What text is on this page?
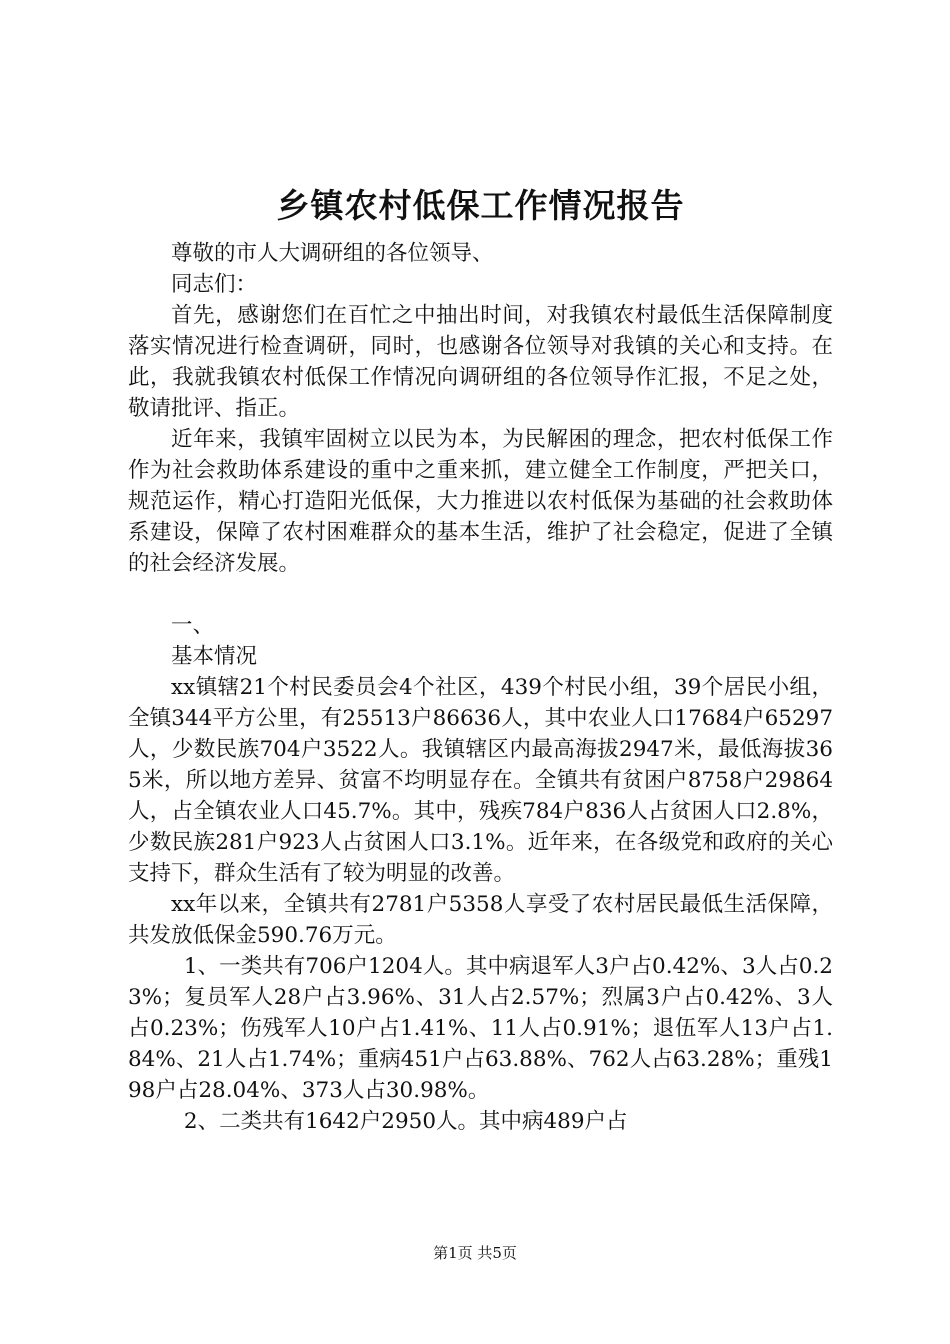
乡镇农村低保工作情况报告

尊敬的市人大调研组的各位领导、

同志们：

首先，感谢您们在百忙之中抽出时间，对我镇农村最低生活保障制度落实情况进行检查调研，同时，也感谢各位领导对我镇的关心和支持。在此，我就我镇农村低保工作情况向调研组的各位领导作汇报，不足之处，敬请批评、指正。

近年来，我镇牢固树立以民为本，为民解困的理念，把农村低保工作作为社会救助体系建设的重中之重来抓，建立健全工作制度，严把关口，规范运作，精心打造阳光低保，大力推进以农村低保为基础的社会救助体系建设，保障了农村困难群众的基本生活，维护了社会稳定，促进了全镇的社会经济发展。

一、

基本情况

xx镇辖21个村民委员会4个社区，439个村民小组，39个居民小组，全镇344平方公里，有25513户86636人，其中农业人口17684户65297人，少数民族704户3522人。我镇辖区内最高海拔2947米，最低海拔365米，所以地方差异、贫富不均明显存在。全镇共有贫困户8758户29864人，占全镇农业人口45.7%。其中，残疾784户836人占贫困人口2.8%，少数民族281户923人占贫困人口3.1%。近年来，在各级党和政府的关心支持下，群众生活有了较为明显的改善。

xx年以来，全镇共有2781户5358人享受了农村居民最低生活保障，共发放低保金590.76万元。

1、一类共有706户1204人。其中病退军人3户占0.42%、3人占0.23%；复员军人28户占3.96%、31人占2.57%；烈属3户占0.42%、3人占0.23%；伤残军人10户占1.41%、11人占0.91%；退伍军人13户占1.84%、21人占1.74%；重病451户占63.88%、762人占63.28%；重残198户占28.04%、373人占30.98%。

2、二类共有1642户2950人。其中病489户占

第1页 共5页
